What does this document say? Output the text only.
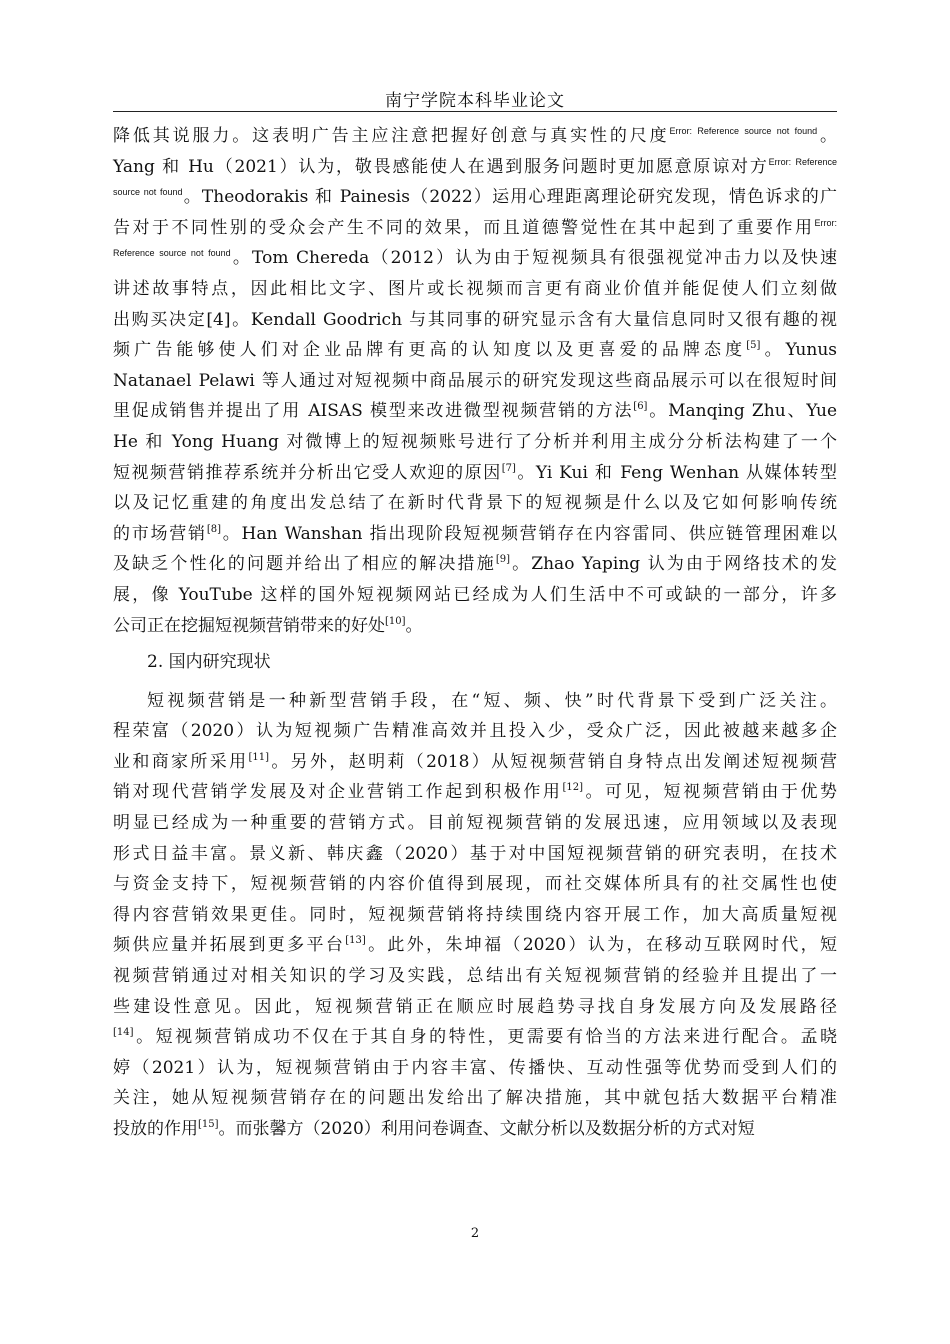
南宁学院本科毕业论文
降低其说服力。这表明广告主应注意把握好创意与真实性的尺度$^{Error: Reference source not found}$。
Yang 和 Hu（2021）认为，敬畏感能使人在遇到服务问题时更加愿意原谅对方$^{Error: Reference}$
$^{source not found}$。Theodorakis 和 Painesis（2022）运用心理距离理论研究发现，情色诉求的广
告对于不同性别的受众会产生不同的效果，而且道德警觉性在其中起到了重要作用$^{Error:}$
$^{Reference source not found}$。Tom Chereda（2012）认为由于短视频具有很强视觉冲击力以及快速
讲述故事特点，因此相比文字、图片或长视频而言更有商业价值并能促使人们立刻做
出购买决定[4]。Kendall Goodrich 与其同事的研究显示含有大量信息同时又很有趣的视
频广告能够使人们对企业品牌有更高的认知度以及更喜爱的品牌态度[5]。Yunus
Natanael Pelawi 等人通过对短视频中商品展示的研究发现这些商品展示可以在很短时间
里促成销售并提出了用 AISAS 模型来改进微型视频营销的方法[6]。Manqing Zhu、Yue
He 和 Yong Huang 对微博上的短视频账号进行了分析并利用主成分分析法构建了一个
短视频营销推荐系统并分析出它受人欢迎的原因[7]。Yi Kui 和 Feng Wenhan 从媒体转型
以及记忆重建的角度出发总结了在新时代背景下的短视频是什么以及它如何影响传统
的市场营销[8]。Han Wanshan 指出现阶段短视频营销存在内容雷同、供应链管理困难以
及缺乏个性化的问题并给出了相应的解决措施[9]。Zhao Yaping 认为由于网络技术的发
展，像 YouTube 这样的国外短视频网站已经成为人们生活中不可或缺的一部分，许多
公司正在挖掘短视频营销带来的好处[10]。
2. 国内研究现状
短视频营销是一种新型营销手段，在“短、频、快”时代背景下受到广泛关注。
程荣富（2020）认为短视频广告精准高效并且投入少，受众广泛，因此被越来越多企
业和商家所采用[11]。另外，赵明莉（2018）从短视频营销自身特点出发阐述短视频营
销对现代营销学发展及对企业营销工作起到积极作用[12]。可见，短视频营销由于优势
明显已经成为一种重要的营销方式。目前短视频营销的发展迅速，应用领域以及表现
形式日益丰富。景义新、韩庆鑫（2020）基于对中国短视频营销的研究表明，在技术
与资金支持下，短视频营销的内容价值得到展现，而社交媒体所具有的社交属性也使
得内容营销效果更佳。同时，短视频营销将持续围绕内容开展工作，加大高质量短视
频供应量并拓展到更多平台[13]。此外，朱坤福（2020）认为，在移动互联网时代，短
视频营销通过对相关知识的学习及实践，总结出有关短视频营销的经验并且提出了一
些建设性意见。因此，短视频营销正在顺应时展趋势寻找自身发展方向及发展路径
[14]。短视频营销成功不仅在于其自身的特性，更需要有恰当的方法来进行配合。孟晓
婷（2021）认为，短视频营销由于内容丰富、传播快、互动性强等优势而受到人们的
关注，她从短视频营销存在的问题出发给出了解决措施，其中就包括大数据平台精准
投放的作用[15]。而张馨方（2020）利用问卷调查、文献分析以及数据分析的方式对短
2
